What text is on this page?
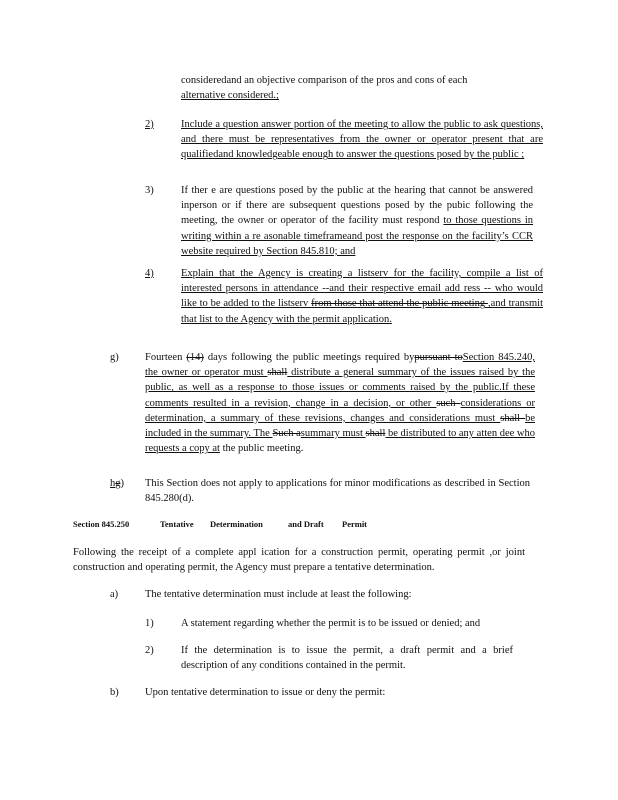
consideredand an objective comparison of the pros and cons of each
alternative considered.;
2)	Include a question answer portion of the meeting to allow the public to ask questions, and there must be representatives from the owner or operator present that are qualifiedand knowledgeable enough to answer the questions posed by the public ;
3)	If ther e are questions posed by the public at the hearing that cannot be answered inperson or if there are subsequent questions posed by the pubic following the meeting, the owner or operator of the facility must respond to those questions in writing within a re asonable timeframeand post the response on the facility’s CCR website required by Section 845.810; and
4)	Explain that the Agency is creating a listserv for the facility, compile a list of interested persons in attendance --and their respective email add ress -- who would like to be added to the listserv from those that attend the public meeting ,and transmit that list to the Agency with the permit application.
g)	Fourteen (14) days following the public meetings required bypursuant toSection 845.240, the owner or operator must shall distribute a general summary of the issues raised by the public, as well as a response to those issues or comments raised by the public.If these comments resulted in a revision, change in a decision, or other such considerations or determination, a summary of these revisions, changes and considerations must shall be included in the summary. The Such asummary must shall be distributed to any atten dee who requests a copy at the public meeting.
hg) This Section does not apply to applications for minor modifications as described in Section 845.280(d).
Section 845.250	Tentative Determination	and Draft Permit
Following the receipt of a complete appl ication for a construction permit, operating permit ,or joint construction and operating permit, the Agency must prepare a tentative determination.
a)	The tentative determination must include at least the following:
1)	A statement regarding whether the permit is to be issued or denied; and
2)	If the determination is to issue the permit, a draft permit and a brief description of any conditions contained in the permit.
b)	Upon tentative determination to issue or deny the permit:
